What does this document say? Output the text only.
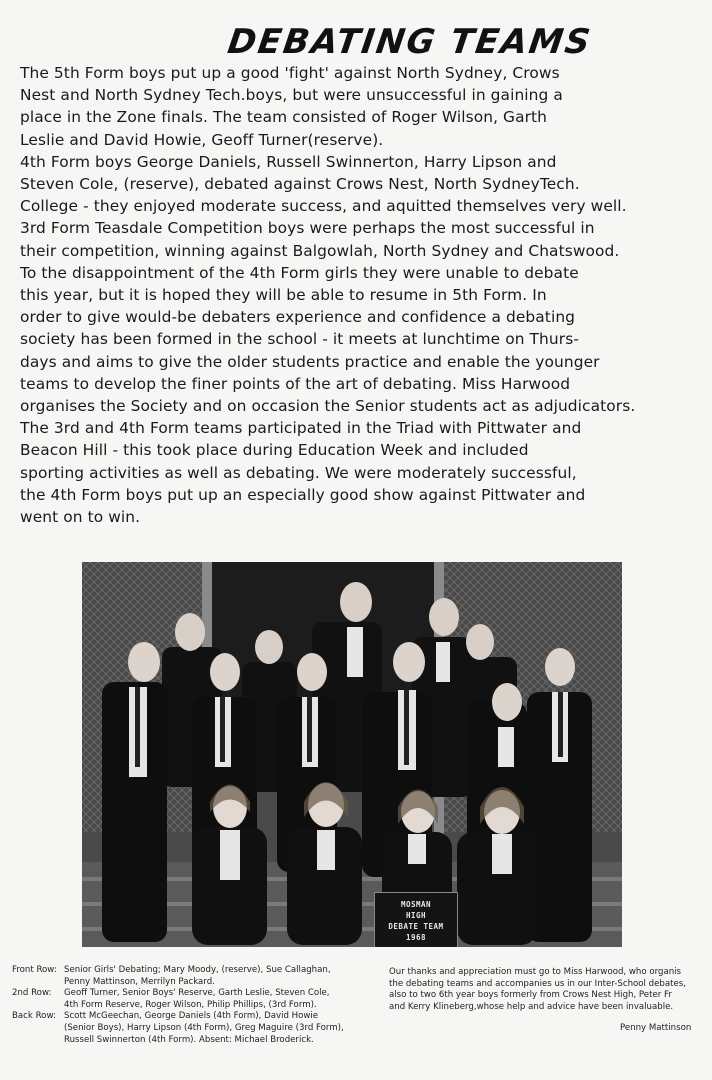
DEBATING TEAMS
The 5th Form boys put up a good 'fight' against North Sydney, Crows
Nest and North Sydney Tech.boys, but were unsuccessful in gaining a
place in the Zone finals. The team consisted of Roger Wilson, Garth
Leslie and David Howie, Geoff Turner(reserve).
4th Form boys George Daniels, Russell Swinnerton, Harry Lipson and
Steven Cole, (reserve), debated against Crows Nest, North SydneyTech.
College - they enjoyed moderate success, and aquitted themselves very well.
3rd Form Teasdale Competition boys were perhaps the most successful in
their competition, winning against Balgowlah, North Sydney and Chatswood.
To the disappointment of the 4th Form girls they were unable to debate
this year, but it is hoped they will be able to resume in 5th Form. In
order to give would-be debaters experience and confidence a debating
society has been formed in the school - it meets at lunchtime on Thurs-
days and aims to give the older students practice and enable the younger
teams to develop the finer points of the art of debating. Miss Harwood
organises the Society and on occasion the Senior students act as adjudicators.
The 3rd and 4th Form teams participated in the Triad with Pittwater and
Beacon Hill - this took place during Education Week and included
sporting activities as well as debating. We were moderately successful,
the 4th Form boys put up an especially good show against Pittwater and
went on to win.
MOSMAN
HIGH
DEBATE TEAM
1968
Front Row: Senior Girls' Debating; Mary Moody, (reserve), Sue Callaghan,
Penny Mattinson, Merrilyn Packard.
2nd Row:	Geoff Turner, Senior Boys' Reserve, Garth Leslie, Steven Cole,
4th Form Reserve, Roger Wilson, Philip Phillips, (3rd Form).
Back Row: Scott McGeechan, George Daniels (4th Form), David Howie
(Senior Boys), Harry Lipson (4th Form), Greg Maguire (3rd Form),
Russell Swinnerton (4th Form). Absent: Michael Broderick.
Our thanks and appreciation must go to Miss Harwood, who organis
the debating teams and accompanies us in our Inter-School debates,
also to two 6th year boys formerly from Crows Nest High, Peter Fr
and Kerry Klineberg,whose help and advice have been invaluable.
Penny Mattinson
